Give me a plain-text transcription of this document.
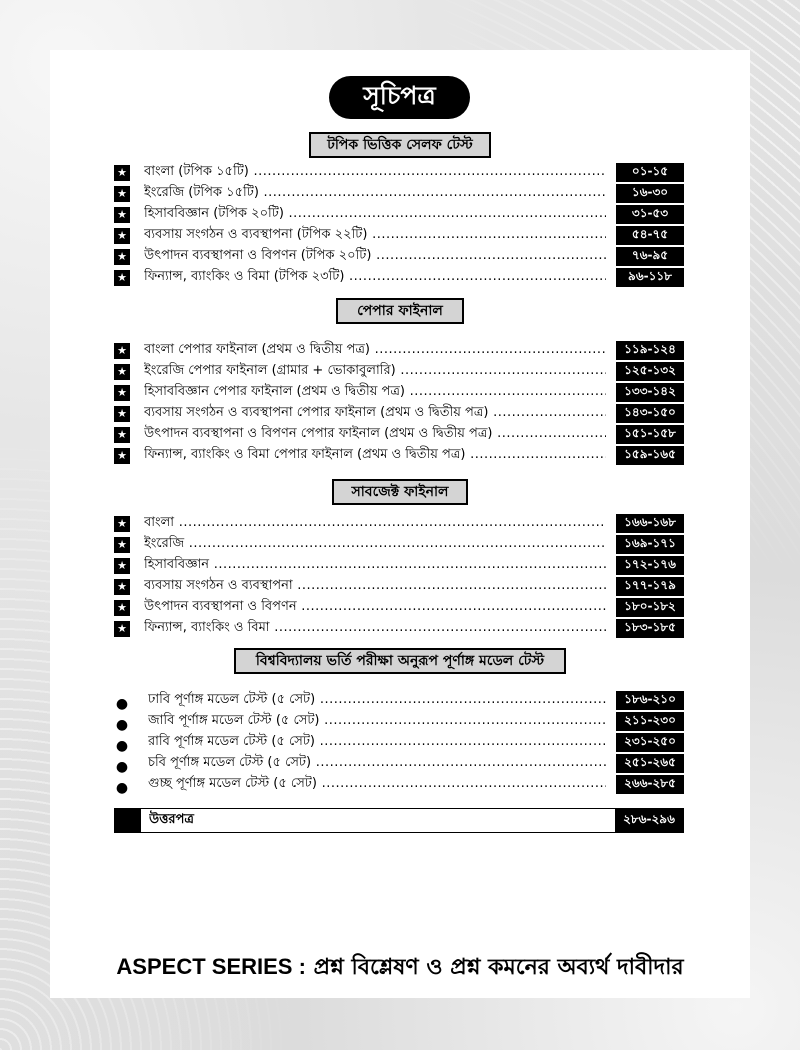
সূচিপত্র
টপিক ভিত্তিক সেলফ টেস্ট
★ বাংলা (টপিক ১৫টি) .....	০১-১৫
★ ইংরেজি (টপিক ১৫টি) .....	১৬-৩০
★ হিসাববিজ্ঞান (টপিক ২০টি) .....	৩১-৫৩
★ ব্যবসায় সংগঠন ও ব্যবস্থাপনা (টপিক ২২টি) .....	৫৪-৭৫
★ উৎপাদন ব্যবস্থাপনা ও বিপণন (টপিক ২০টি) .....	৭৬-৯৫
★ ফিন্যান্স, ব্যাংকিং ও বিমা (টপিক ২৩টি) .....	৯৬-১১৮
পেপার ফাইনাল
★ বাংলা পেপার ফাইনাল (প্রথম ও দ্বিতীয় পত্র) .....	১১৯-১২৪
★ ইংরেজি পেপার ফাইনাল (গ্রামার + ভোকাবুলারি) .....	১২৫-১৩২
★ হিসাববিজ্ঞান পেপার ফাইনাল (প্রথম ও দ্বিতীয় পত্র) .....	১৩৩-১৪২
★ ব্যবসায় সংগঠন ও ব্যবস্থাপনা পেপার ফাইনাল (প্রথম ও দ্বিতীয় পত্র) .....	১৪৩-১৫০
★ উৎপাদন ব্যবস্থাপনা ও বিপণন পেপার ফাইনাল (প্রথম ও দ্বিতীয় পত্র) .....	১৫১-১৫৮
★ ফিন্যান্স, ব্যাংকিং ও বিমা পেপার ফাইনাল (প্রথম ও দ্বিতীয় পত্র) .....	১৫৯-১৬৫
সাবজেক্ট ফাইনাল
★ বাংলা .....	১৬৬-১৬৮
★ ইংরেজি .....	১৬৯-১৭১
★ হিসাববিজ্ঞান .....	১৭২-১৭৬
★ ব্যবসায় সংগঠন ও ব্যবস্থাপনা .....	১৭৭-১৭৯
★ উৎপাদন ব্যবস্থাপনা ও বিপণন .....	১৮০-১৮২
★ ফিন্যান্স, ব্যাংকিং ও বিমা .....	১৮৩-১৮৫
বিশ্ববিদ্যালয় ভর্তি পরীক্ষা অনুরূপ পূর্ণাঙ্গ মডেল টেস্ট
● ঢাবি পূর্ণাঙ্গ মডেল টেস্ট (৫ সেট) .....	১৮৬-২১০
● জাবি পূর্ণাঙ্গ মডেল টেস্ট (৫ সেট) .....	২১১-২৩০
● রাবি পূর্ণাঙ্গ মডেল টেস্ট (৫ সেট) .....	২৩১-২৫০
● চবি পূর্ণাঙ্গ মডেল টেস্ট (৫ সেট) .....	২৫১-২৬৫
● গুচ্ছ পূর্ণাঙ্গ মডেল টেস্ট (৫ সেট) .....	২৬৬-২৮৫
উত্তরপত্র	২৮৬-২৯৬
ASPECT SERIES : প্রশ্ন বিশ্লেষণ ও প্রশ্ন কমনের অব্যর্থ দাবীদার
